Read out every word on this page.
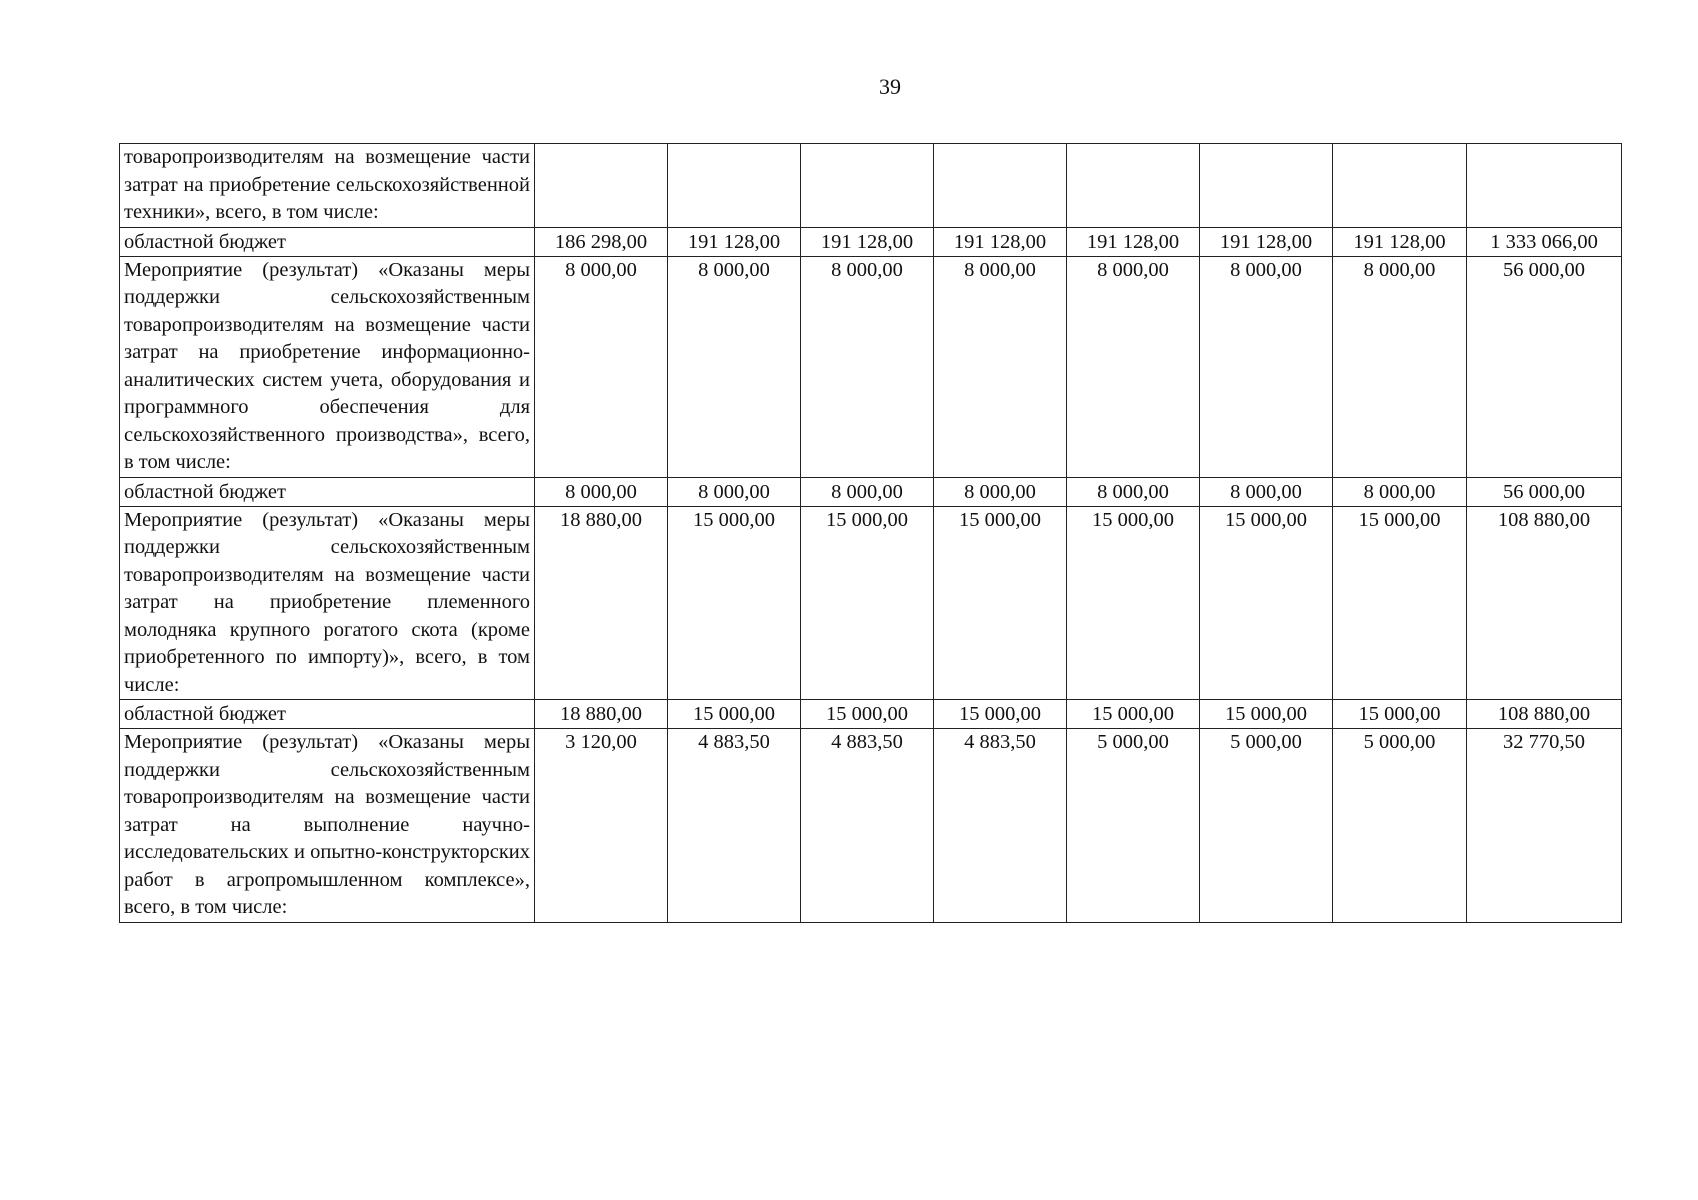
39
товаропроизводителям на возмещение части затрат на приобретение сельскохозяйственной техники», всего, в том числе:								
областной бюджет	186 298,00	191 128,00	191 128,00	191 128,00	191 128,00	191 128,00	191 128,00	1 333 066,00
Мероприятие (результат) «Оказаны меры поддержки сельскохозяйственным товаропроизводителям на возмещение части затрат на приобретение информационно-аналитических систем учета, оборудования и программного обеспечения для сельскохозяйственного производства», всего, в том числе:	8 000,00	8 000,00	8 000,00	8 000,00	8 000,00	8 000,00	8 000,00	56 000,00
областной бюджет	8 000,00	8 000,00	8 000,00	8 000,00	8 000,00	8 000,00	8 000,00	56 000,00
Мероприятие (результат) «Оказаны меры поддержки сельскохозяйственным товаропроизводителям на возмещение части затрат на приобретение племенного молодняка крупного рогатого скота (кроме приобретенного по импорту)», всего, в том числе:	18 880,00	15 000,00	15 000,00	15 000,00	15 000,00	15 000,00	15 000,00	108 880,00
областной бюджет	18 880,00	15 000,00	15 000,00	15 000,00	15 000,00	15 000,00	15 000,00	108 880,00
Мероприятие (результат) «Оказаны меры поддержки сельскохозяйственным товаропроизводителям на возмещение части затрат на выполнение научно-исследовательских и опытно-конструкторских работ в агропромышленном комплексе», всего, в том числе:	3 120,00	4 883,50	4 883,50	4 883,50	5 000,00	5 000,00	5 000,00	32 770,50
